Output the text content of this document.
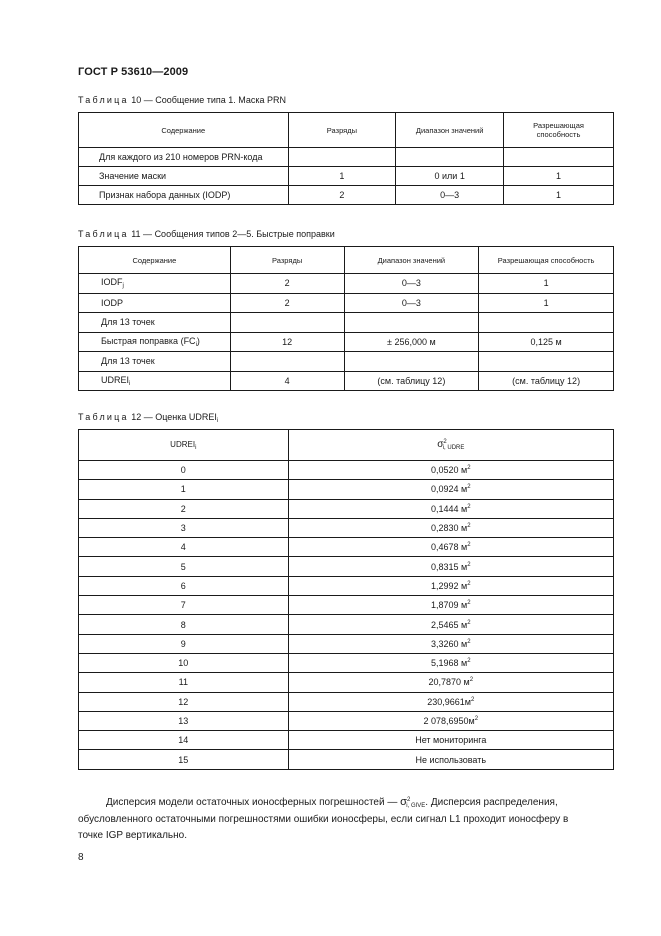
ГОСТ Р 53610—2009
Таблица 10 — Сообщение типа 1. Маска PRN
Содержание	Разряды	Диапазон значений	Разрешающая способность
Для каждого из 210 номеров PRN-кода			
Значение маски	1	0 или 1	1
Признак набора данных (IODP)	2	0—3	1
Таблица 11 — Сообщения типов 2—5. Быстрые поправки
Содержание	Разряды	Диапазон значений	Разрешающая способность
$IODF_j$	2	0—3	1
IODP	2	0—3	1
Для 13 точек			
Быстрая поправка $(FC_i)$	12	± 256,000 м	0,125 м
Для 13 точек			
$UDREI_i$	4	(см. таблицу 12)	(см. таблицу 12)
Таблица 12 — Оценка $UDREI_i$
$UDREI_i$	$\sigma^2_{i, UDRE}$
0	0,0520 $м^2$
1	0,0924 $м^2$
2	0,1444 $м^2$
3	0,2830 $м^2$
4	0,4678 $м^2$
5	0,8315 $м^2$
6	1,2992 $м^2$
7	1,8709 $м^2$
8	2,5465 $м^2$
9	3,3260 $м^2$
10	5,1968 $м^2$
11	20,7870 $м^2$
12	$230,9661м^2$
13	2 $078,6950м^2$
14	Нет мониторинга
15	Не использовать
Дисперсия модели остаточных ионосферных погрешностей — $\sigma^2_{i, GIVE}$. Дисперсия распределения,
обусловленного остаточными погрешностями ошибки ионосферы, если сигнал L1 проходит ионосферу в
точке IGP вертикально.
8
